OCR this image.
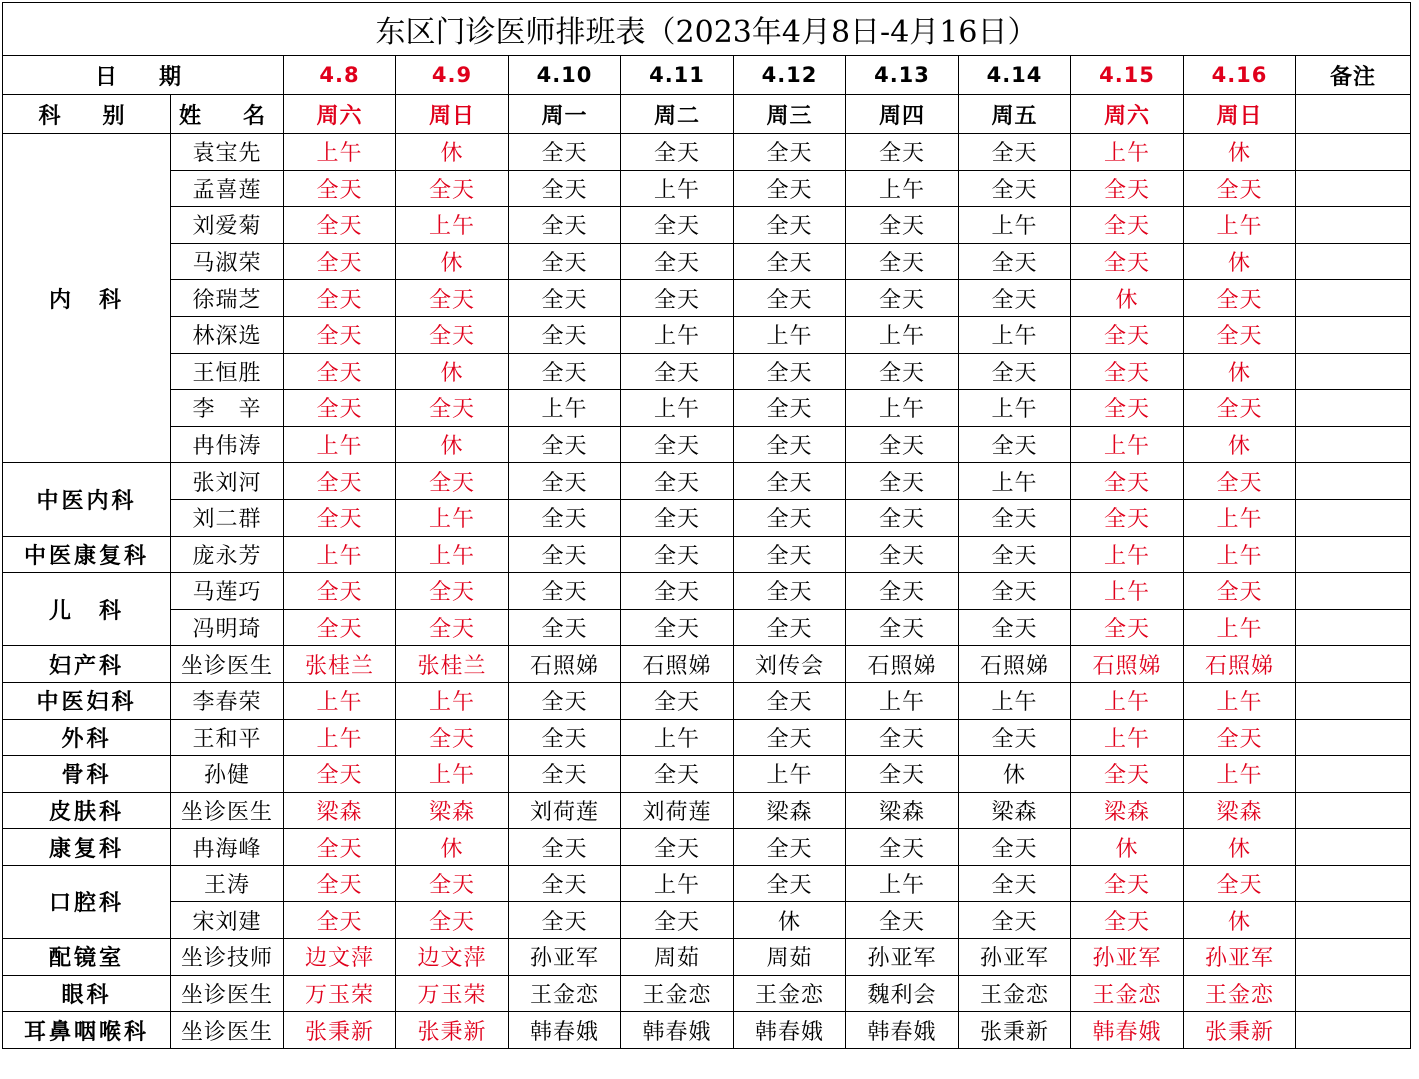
东区门诊医师排班表（2023年4月8日-4月16日）											
日　期		4.8	4.9	4.10	4.11	4.12	4.13	4.14	4.15	4.16	备注
科　别	姓　名	周六	周日	周一	周二	周三	周四	周五	周六	周日	
内　科	袁宝先	上午	休	全天	全天	全天	全天	全天	上午	休	
	孟喜莲	全天	全天	全天	上午	全天	上午	全天	全天	全天	
	刘爱菊	全天	上午	全天	全天	全天	全天	上午	全天	上午	
	马淑荣	全天	休	全天	全天	全天	全天	全天	全天	休	
	徐瑞芝	全天	全天	全天	全天	全天	全天	全天	休	全天	
	林深选	全天	全天	全天	上午	上午	上午	上午	全天	全天	
	王恒胜	全天	休	全天	全天	全天	全天	全天	全天	休	
	李　辛	全天	全天	上午	上午	全天	上午	上午	全天	全天	
	冉伟涛	上午	休	全天	全天	全天	全天	全天	上午	休	
中医内科	张刘河	全天	全天	全天	全天	全天	全天	上午	全天	全天	
	刘二群	全天	上午	全天	全天	全天	全天	全天	全天	上午	
中医康复科	庞永芳	上午	上午	全天	全天	全天	全天	全天	上午	上午	
儿　科	马莲巧	全天	全天	全天	全天	全天	全天	全天	上午	全天	
	冯明琦	全天	全天	全天	全天	全天	全天	全天	全天	上午	
妇产科	坐诊医生	张桂兰	张桂兰	石照娣	石照娣	刘传会	石照娣	石照娣	石照娣	石照娣	
中医妇科	李春荣	上午	上午	全天	全天	全天	上午	上午	上午	上午	
外科	王和平	上午	全天	全天	上午	全天	全天	全天	上午	全天	
骨科	孙健	全天	上午	全天	全天	上午	全天	休	全天	上午	
皮肤科	坐诊医生	梁森	梁森	刘荷莲	刘荷莲	梁森	梁森	梁森	梁森	梁森	
康复科	冉海峰	全天	休	全天	全天	全天	全天	全天	休	休	
口腔科	王涛	全天	全天	全天	上午	全天	上午	全天	全天	全天	
	宋刘建	全天	全天	全天	全天	休	全天	全天	全天	休	
配镜室	坐诊技师	边文萍	边文萍	孙亚军	周茹	周茹	孙亚军	孙亚军	孙亚军	孙亚军	
眼科	坐诊医生	万玉荣	万玉荣	王金恋	王金恋	王金恋	魏利会	王金恋	王金恋	王金恋	
耳鼻咽喉科	坐诊医生	张秉新	张秉新	韩春娥	韩春娥	韩春娥	韩春娥	张秉新	韩春娥	张秉新	
